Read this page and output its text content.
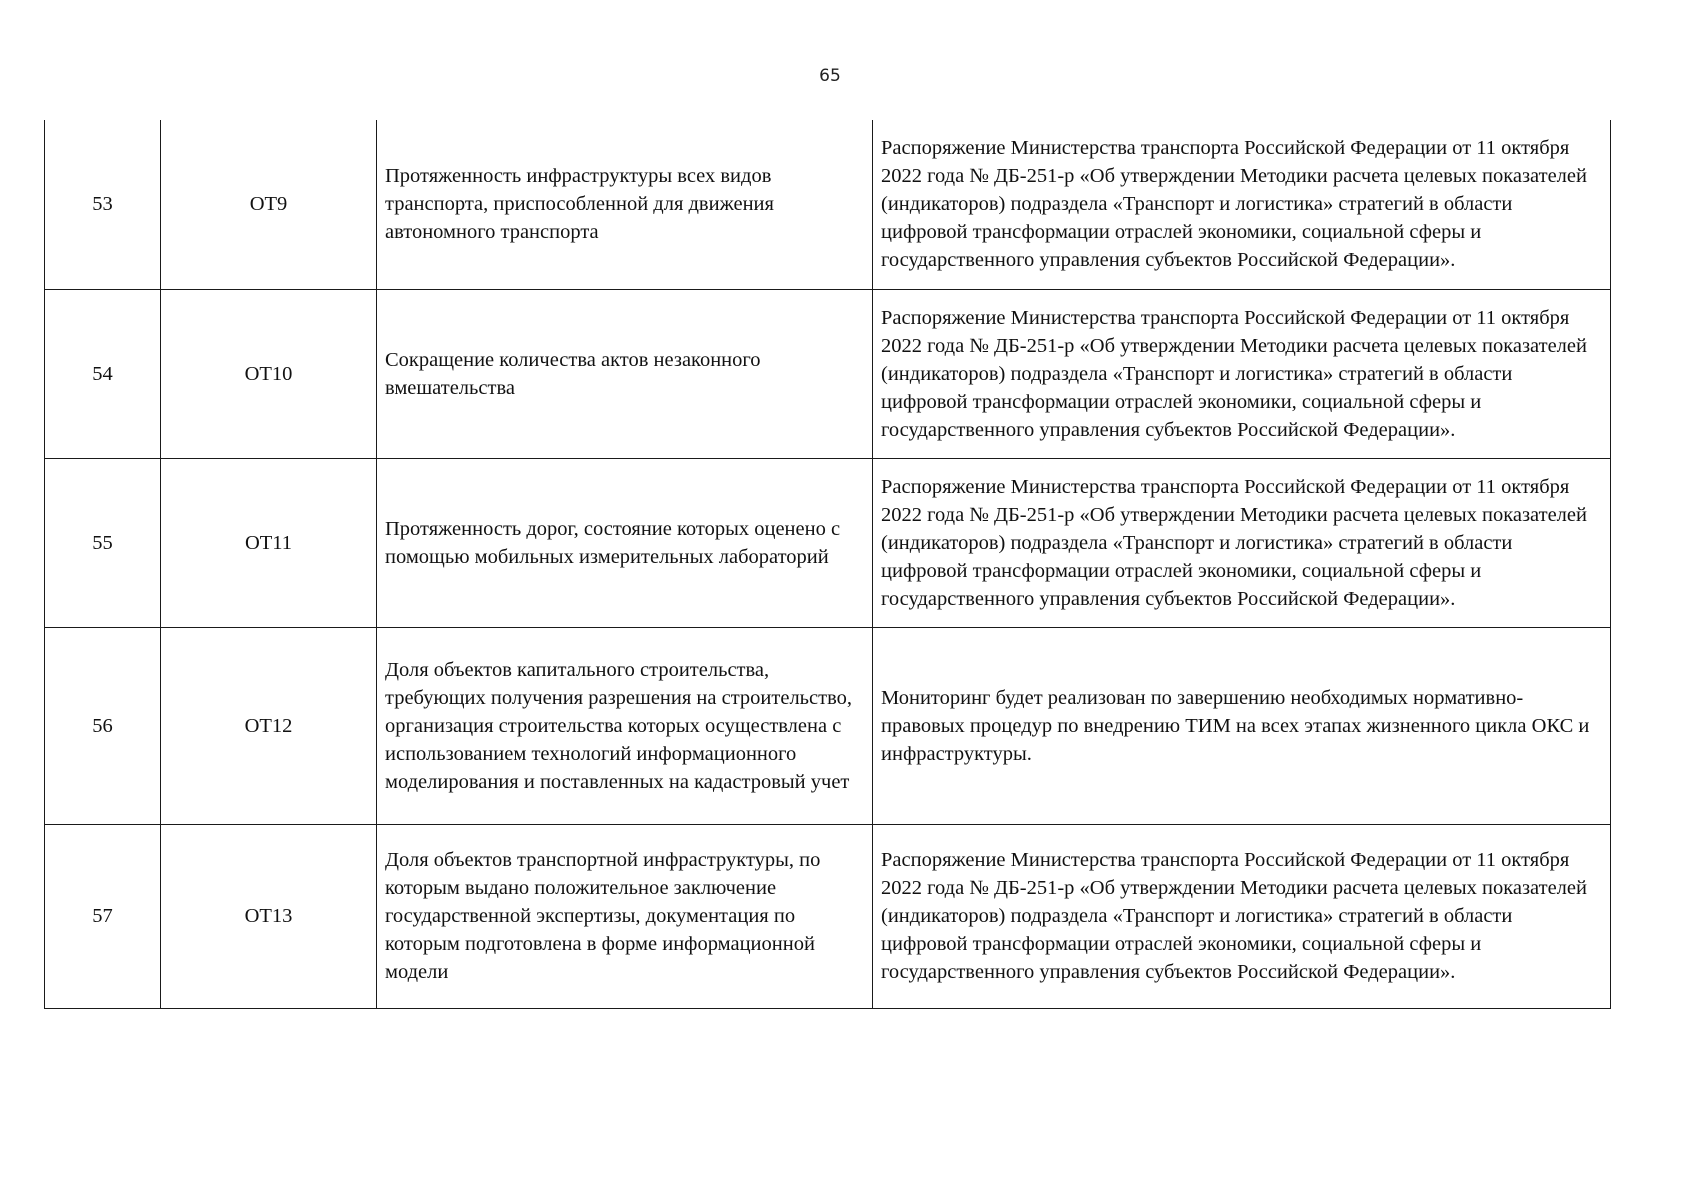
65
53	ОТ9	Протяженность инфраструктуры всех видов транспорта, приспособленной для движения автономного транспорта	Распоряжение Министерства транспорта Российской Федерации от 11 октября 2022 года № ДБ-251-р «Об утверждении Методики расчета целевых показателей (индикаторов) подраздела «Транспорт и логистика» стратегий в области цифровой трансформации отраслей экономики, социальной сферы и государственного управления субъектов Российской Федерации».
54	ОТ10	Сокращение количества актов незаконного вмешательства	Распоряжение Министерства транспорта Российской Федерации от 11 октября 2022 года № ДБ-251-р «Об утверждении Методики расчета целевых показателей (индикаторов) подраздела «Транспорт и логистика» стратегий в области цифровой трансформации отраслей экономики, социальной сферы и государственного управления субъектов Российской Федерации».
55	ОТ11	Протяженность дорог, состояние которых оценено с помощью мобильных измерительных лабораторий	Распоряжение Министерства транспорта Российской Федерации от 11 октября 2022 года № ДБ-251-р «Об утверждении Методики расчета целевых показателей (индикаторов) подраздела «Транспорт и логистика» стратегий в области цифровой трансформации отраслей экономики, социальной сферы и государственного управления субъектов Российской Федерации».
56	ОТ12	Доля объектов капитального строительства, требующих получения разрешения на строительство, организация строительства которых осуществлена с использованием технологий информационного моделирования и поставленных на кадастровый учет	Мониторинг будет реализован по завершению необходимых нормативно-правовых процедур по внедрению ТИМ на всех этапах жизненного цикла ОКС и инфраструктуры.
57	ОТ13	Доля объектов транспортной инфраструктуры, по которым выдано положительное заключение государственной экспертизы, документация по которым подготовлена в форме информационной модели	Распоряжение Министерства транспорта Российской Федерации от 11 октября 2022 года № ДБ-251-р «Об утверждении Методики расчета целевых показателей (индикаторов) подраздела «Транспорт и логистика» стратегий в области цифровой трансформации отраслей экономики, социальной сферы и государственного управления субъектов Российской Федерации».
